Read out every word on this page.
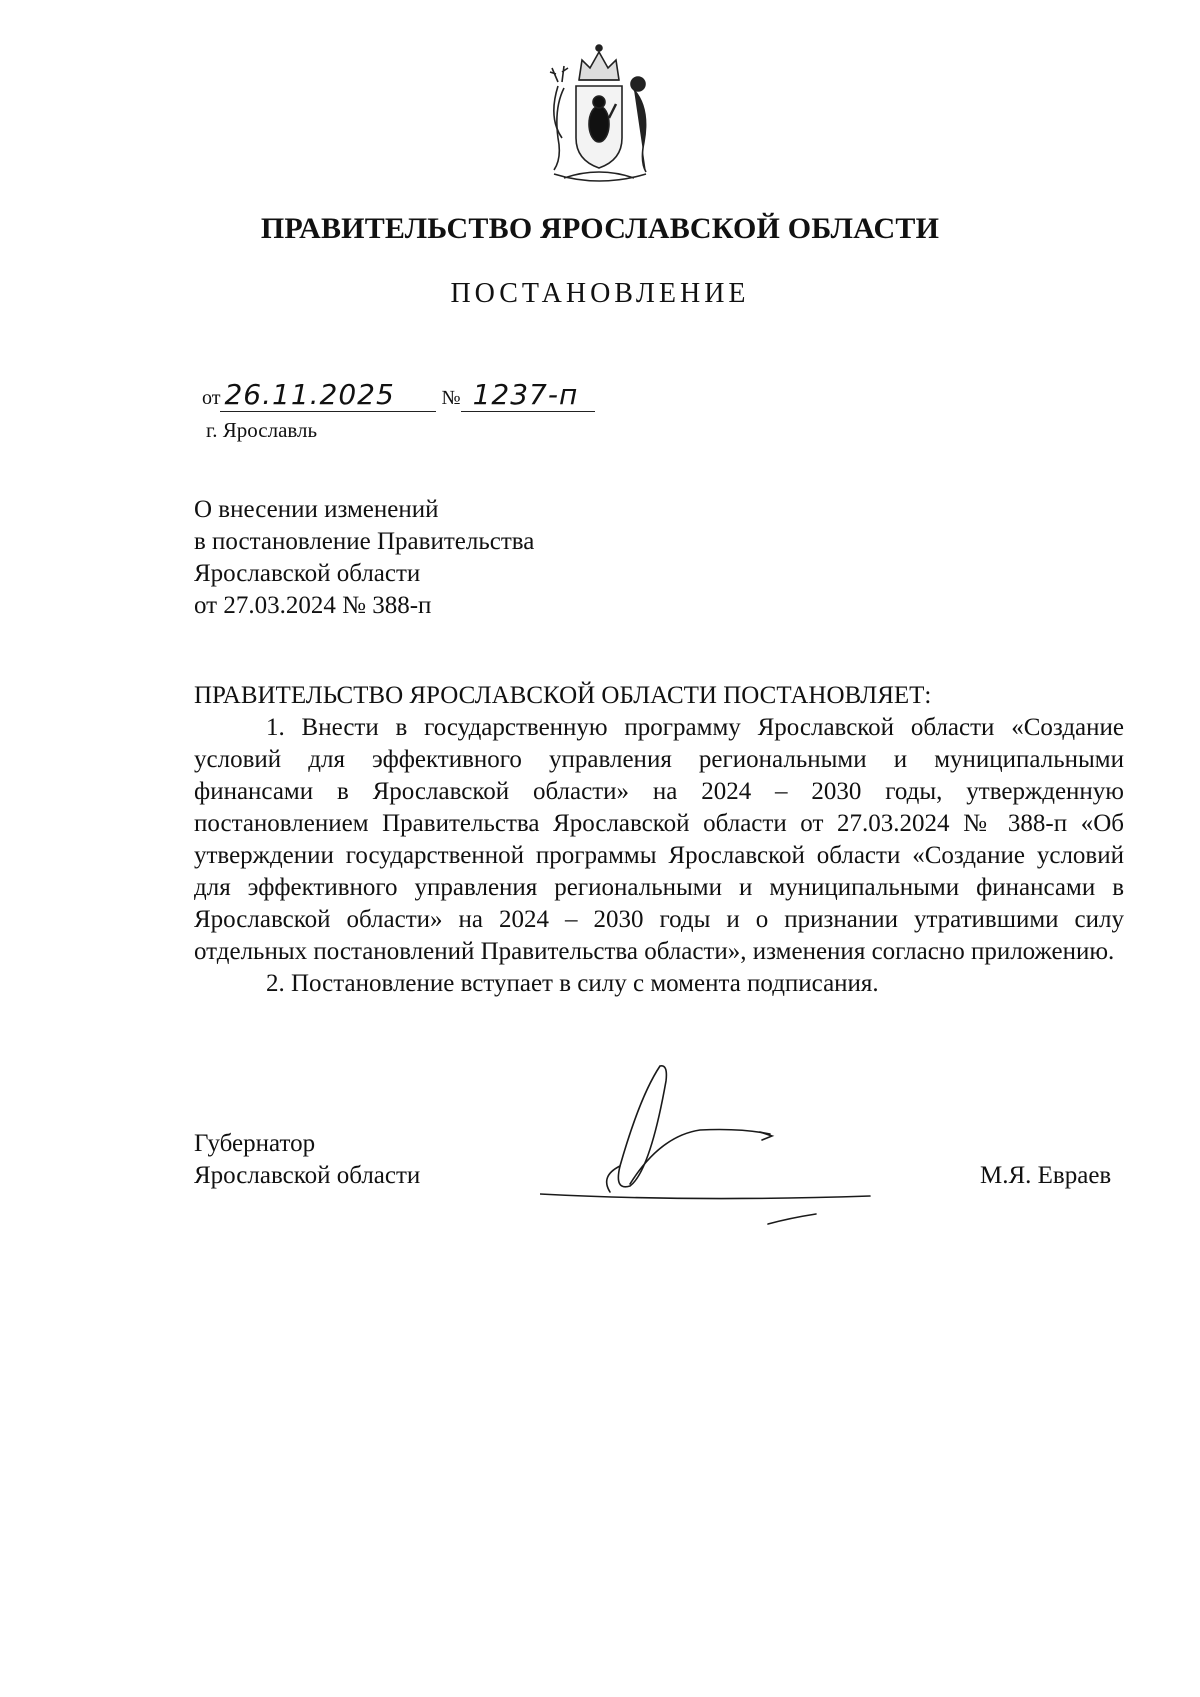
ПРАВИТЕЛЬСТВО ЯРОСЛАВСКОЙ ОБЛАСТИ
ПОСТАНОВЛЕНИЕ
от 26.11.2025 № 1237-п
г. Ярославль
О внесении изменений
в постановление Правительства
Ярославской области
от 27.03.2024 № 388-п
ПРАВИТЕЛЬСТВО ЯРОСЛАВСКОЙ ОБЛАСТИ ПОСТАНОВЛЯЕТ:

1. Внести в государственную программу Ярославской области «Создание условий для эффективного управления региональными и муниципальными финансами в Ярославской области» на 2024 – 2030 годы, утвержденную постановлением Правительства Ярославской области от 27.03.2024 № 388-п «Об утверждении государственной программы Ярославской области «Создание условий для эффективного управления региональными и муниципальными финансами в Ярославской области» на 2024 – 2030 годы и о признании утратившими силу отдельных постановлений Правительства области», изменения согласно приложению.

2. Постановление вступает в силу с момента подписания.

Губернатор
Ярославской области	М.Я. Евраев
